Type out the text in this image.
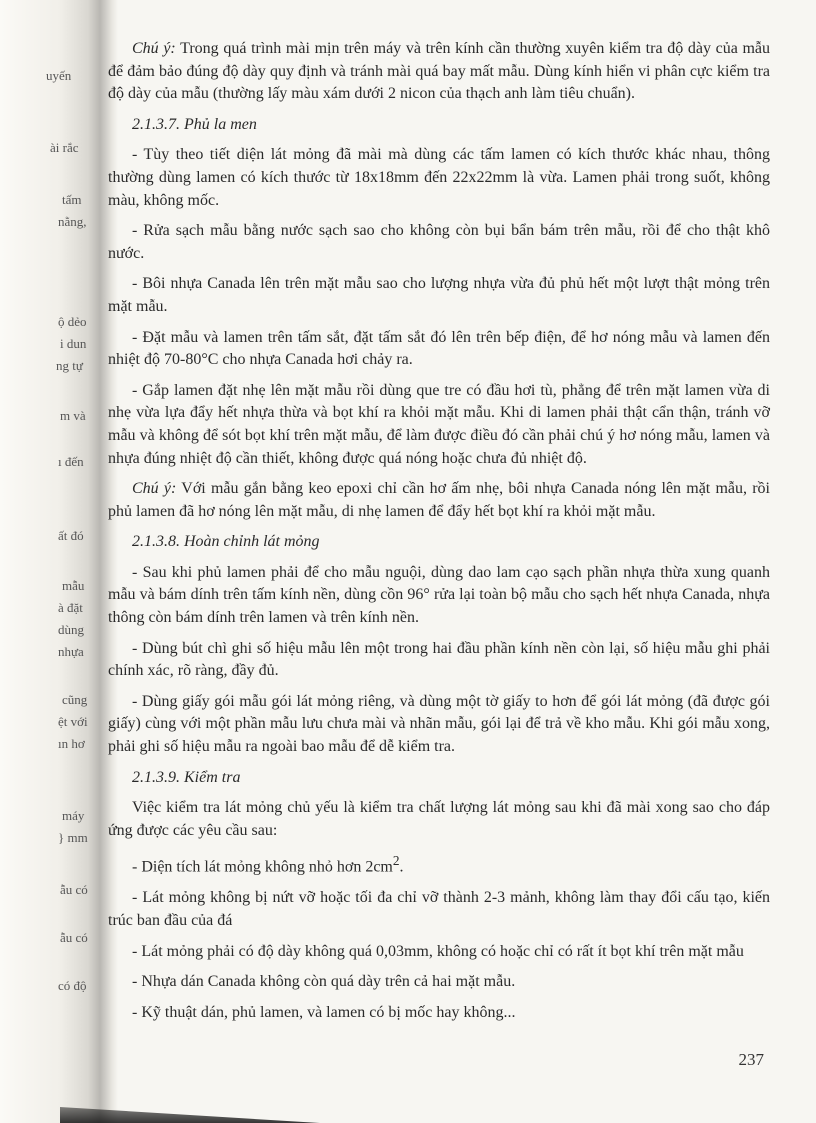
uyến
ài rắc
tấm
nằng,
ộ dẻo
i dun
ng tự
m và
ı đến
ất đó
mẫu
à đặt
dùng
nhựa
cũng
ệt với
ın hơ
máy
} mm
ẫu có
ẫu có
có độ

Chú ý: Trong quá trình mài mịn trên máy và trên kính cần thường xuyên kiểm tra độ dày của mẫu để đảm bảo đúng độ dày quy định và tránh mài quá bay mất mẫu. Dùng kính hiển vi phân cực kiểm tra độ dày của mẫu (thường lấy màu xám dưới 2 nicon của thạch anh làm tiêu chuẩn).

2.1.3.7. Phủ la men

- Tùy theo tiết diện lát mỏng đã mài mà dùng các tấm lamen có kích thước khác nhau, thông thường dùng lamen có kích thước từ 18x18mm đến 22x22mm là vừa. Lamen phải trong suốt, không màu, không mốc.

- Rửa sạch mẫu bằng nước sạch sao cho không còn bụi bẩn bám trên mẫu, rồi để cho thật khô nước.

- Bôi nhựa Canada lên trên mặt mẫu sao cho lượng nhựa vừa đủ phủ hết một lượt thật mỏng trên mặt mẫu.

- Đặt mẫu và lamen trên tấm sắt, đặt tấm sắt đó lên trên bếp điện, để hơ nóng mẫu và lamen đến nhiệt độ 70-80°C cho nhựa Canada hơi chảy ra.

- Gắp lamen đặt nhẹ lên mặt mẫu rồi dùng que tre có đầu hơi tù, phẳng để trên mặt lamen vừa di nhẹ vừa lựa đẩy hết nhựa thừa và bọt khí ra khỏi mặt mẫu. Khi di lamen phải thật cẩn thận, tránh vỡ mẫu và không để sót bọt khí trên mặt mẫu, để làm được điều đó cần phải chú ý hơ nóng mẫu, lamen và nhựa đúng nhiệt độ cần thiết, không được quá nóng hoặc chưa đủ nhiệt độ.

Chú ý: Với mẫu gắn bằng keo epoxi chỉ cần hơ ấm nhẹ, bôi nhựa Canada nóng lên mặt mẫu, rồi phủ lamen đã hơ nóng lên mặt mẫu, di nhẹ lamen để đẩy hết bọt khí ra khỏi mặt mẫu.

2.1.3.8. Hoàn chỉnh lát mỏng

- Sau khi phủ lamen phải để cho mẫu nguội, dùng dao lam cạo sạch phần nhựa thừa xung quanh mẫu và bám dính trên tấm kính nền, dùng cồn 96° rửa lại toàn bộ mẫu cho sạch hết nhựa Canada, nhựa thông còn bám dính trên lamen và trên kính nền.

- Dùng bút chì ghi số hiệu mẫu lên một trong hai đầu phần kính nền còn lại, số hiệu mẫu ghi phải chính xác, rõ ràng, đầy đủ.

- Dùng giấy gói mẫu gói lát mỏng riêng, và dùng một tờ giấy to hơn để gói lát mỏng (đã được gói giấy) cùng với một phần mẫu lưu chưa mài và nhãn mẫu, gói lại để trả về kho mẫu. Khi gói mẫu xong, phải ghi số hiệu mẫu ra ngoài bao mẫu để dễ kiểm tra.

2.1.3.9. Kiểm tra

Việc kiểm tra lát mỏng chủ yếu là kiểm tra chất lượng lát mỏng sau khi đã mài xong sao cho đáp ứng được các yêu cầu sau:

- Diện tích lát mỏng không nhỏ hơn $2cm^2$.

- Lát mỏng không bị nứt vỡ hoặc tối đa chỉ vỡ thành 2-3 mảnh, không làm thay đổi cấu tạo, kiến trúc ban đầu của đá

- Lát mỏng phải có độ dày không quá 0,03mm, không có hoặc chỉ có rất ít bọt khí trên mặt mẫu

- Nhựa dán Canada không còn quá dày trên cả hai mặt mẫu.

- Kỹ thuật dán, phủ lamen, và lamen có bị mốc hay không...

237
